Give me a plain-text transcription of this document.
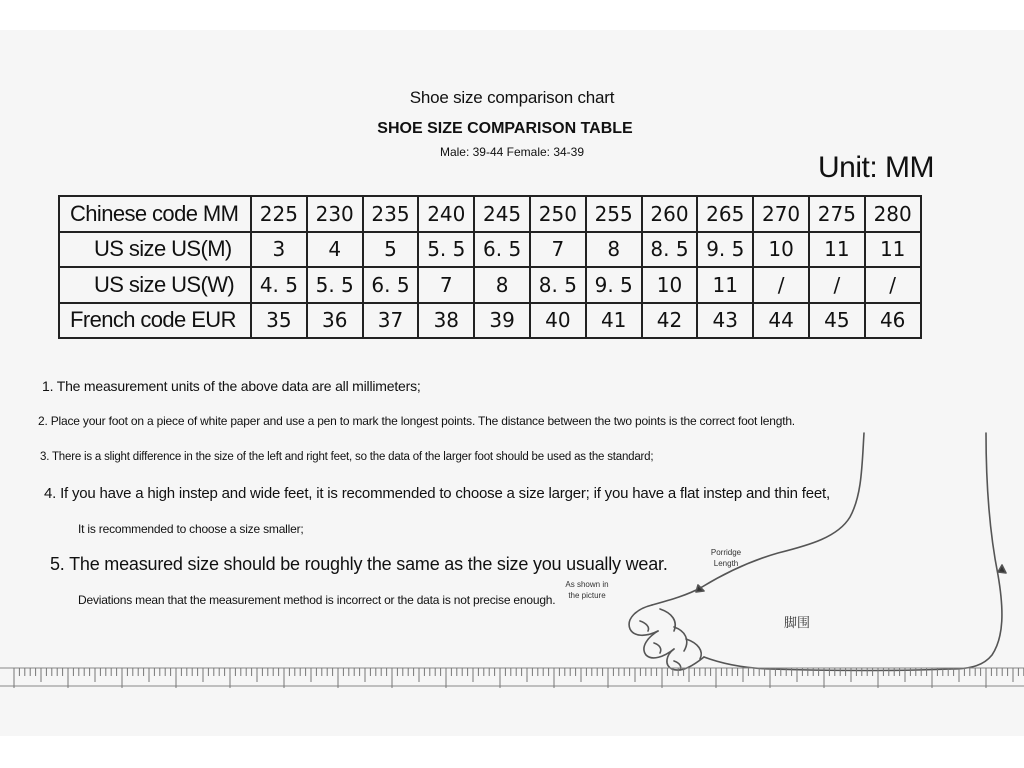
Shoe size comparison chart
SHOE SIZE COMPARISON TABLE
Male: 39-44 Female: 34-39	Unit: MM
Chinese code MM	225	230	235	240	245	250	255	260	265	270	275	280
US size US(M)	3	4	5	5. 5	6. 5	7	8	8. 5	9. 5	10	11	11
US size US(W)	4. 5	5. 5	6. 5	7	8	8. 5	9. 5	10	11	/	/	/
French code EUR	35	36	37	38	39	40	41	42	43	44	45	46
1. The measurement units of the above data are all millimeters;
2. Place your foot on a piece of white paper and use a pen to mark the longest points. The distance between the two points is the correct foot length.
3. There is a slight difference in the size of the left and right feet, so the data of the larger foot should be used as the standard;
4. If you have a high instep and wide feet, it is recommended to choose a size larger; if you have a flat instep and thin feet,
It is recommended to choose a size smaller;
5. The measured size should be roughly the same as the size you usually wear.
Deviations mean that the measurement method is incorrect or the data is not precise enough.
Porridge
Length
As shown in
the picture
脚围
